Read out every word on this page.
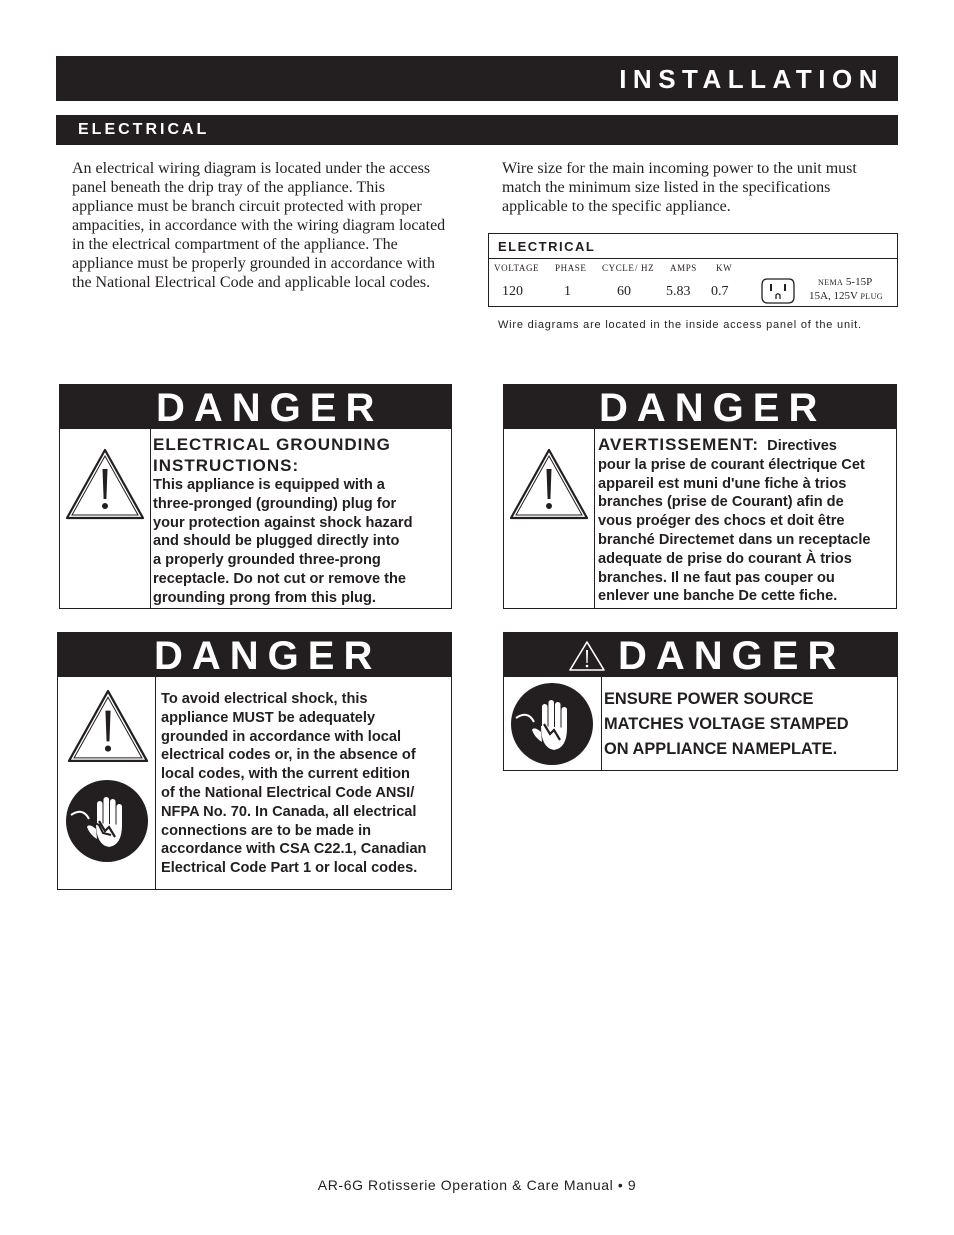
INSTALLATION
ELECTRICAL

An electrical wiring diagram is located under the access panel beneath the drip tray of the appliance. This appliance must be branch circuit protected with proper ampacities, in accordance with the wiring diagram located in the electrical compartment of the appliance. The appliance must be properly grounded in accordance with the National Electrical Code and applicable local codes.

Wire size for the main incoming power to the unit must match the minimum size listed in the specifications applicable to the specific appliance.

ELECTRICAL
VOLTAGE PHASE CYCLE / HZ AMPS KW
120	1	60	5.83 0.7
NEMA 5-15P
15A, 125V PLUG

Wire diagrams are located in the inside access panel of the unit.

DANGER
ELECTRICAL GROUNDING INSTRUCTIONS:
This appliance is equipped with a
three-pronged (grounding) plug for
your protection against shock hazard
and should be plugged directly into
a properly grounded three-prong
receptacle. Do not cut or remove the
grounding prong from this plug.
DANGER
AVERTISSEMENT: Directives
pour la prise de courant électrique Cet
appareil est muni d'une fiche à trios
branches (prise de Courant) afin de
vous proéger des chocs et doit être
branché Directemet dans un receptacle
adequate de prise do courant À trios
branches. Il ne faut pas couper ou
enlever une banche De cette fiche.
DANGER
To avoid electrical shock, this
appliance MUST be adequately
grounded in accordance with local
electrical codes or, in the absence of
local codes, with the current edition
of the National Electrical Code ANSI/
NFPA No. 70. In Canada, all electrical
connections are to be made in
accordance with CSA C22.1, Canadian
Electrical Code Part 1 or local codes.
DANGER
ENSURE POWER SOURCE
MATCHES VOLTAGE STAMPED
ON APPLIANCE NAMEPLATE.
AR-6G Rotisserie Operation & Care Manual • 9
